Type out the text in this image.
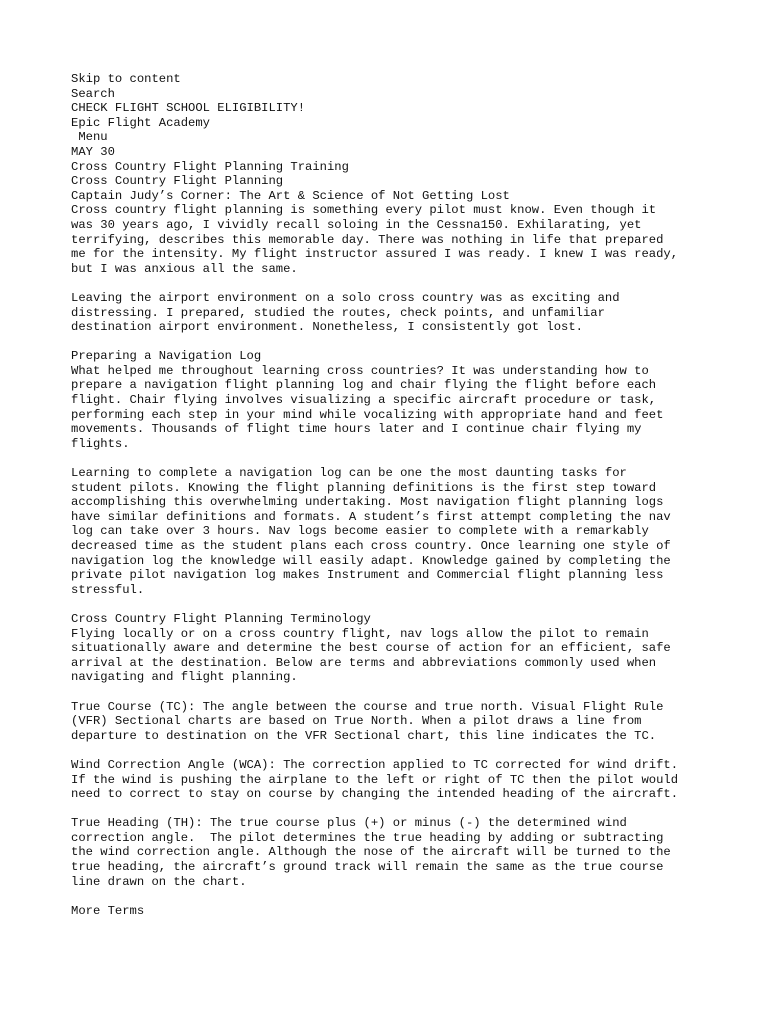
Skip to content
Search
CHECK FLIGHT SCHOOL ELIGIBILITY!
Epic Flight Academy
Menu
MAY 30
Cross Country Flight Planning Training
Cross Country Flight Planning
Captain Judy’s Corner: The Art & Science of Not Getting Lost
Cross country flight planning is something every pilot must know. Even though it
was 30 years ago, I vividly recall soloing in the Cessna150. Exhilarating, yet
terrifying, describes this memorable day. There was nothing in life that prepared
me for the intensity. My flight instructor assured I was ready. I knew I was ready,
but I was anxious all the same.
Leaving the airport environment on a solo cross country was as exciting and
distressing. I prepared, studied the routes, check points, and unfamiliar
destination airport environment. Nonetheless, I consistently got lost.
Preparing a Navigation Log
What helped me throughout learning cross countries? It was understanding how to
prepare a navigation flight planning log and chair flying the flight before each
flight. Chair flying involves visualizing a specific aircraft procedure or task,
performing each step in your mind while vocalizing with appropriate hand and feet
movements. Thousands of flight time hours later and I continue chair flying my
flights.
Learning to complete a navigation log can be one the most daunting tasks for
student pilots. Knowing the flight planning definitions is the first step toward
accomplishing this overwhelming undertaking. Most navigation flight planning logs
have similar definitions and formats. A student’s first attempt completing the nav
log can take over 3 hours. Nav logs become easier to complete with a remarkably
decreased time as the student plans each cross country. Once learning one style of
navigation log the knowledge will easily adapt. Knowledge gained by completing the
private pilot navigation log makes Instrument and Commercial flight planning less
stressful.
Cross Country Flight Planning Terminology
Flying locally or on a cross country flight, nav logs allow the pilot to remain
situationally aware and determine the best course of action for an efficient, safe
arrival at the destination. Below are terms and abbreviations commonly used when
navigating and flight planning.
True Course (TC): The angle between the course and true north. Visual Flight Rule
(VFR) Sectional charts are based on True North. When a pilot draws a line from
departure to destination on the VFR Sectional chart, this line indicates the TC.
Wind Correction Angle (WCA): The correction applied to TC corrected for wind drift.
If the wind is pushing the airplane to the left or right of TC then the pilot would
need to correct to stay on course by changing the intended heading of the aircraft.
True Heading (TH): The true course plus (+) or minus (-) the determined wind
correction angle.  The pilot determines the true heading by adding or subtracting
the wind correction angle. Although the nose of the aircraft will be turned to the
true heading, the aircraft’s ground track will remain the same as the true course
line drawn on the chart.
More Terms
